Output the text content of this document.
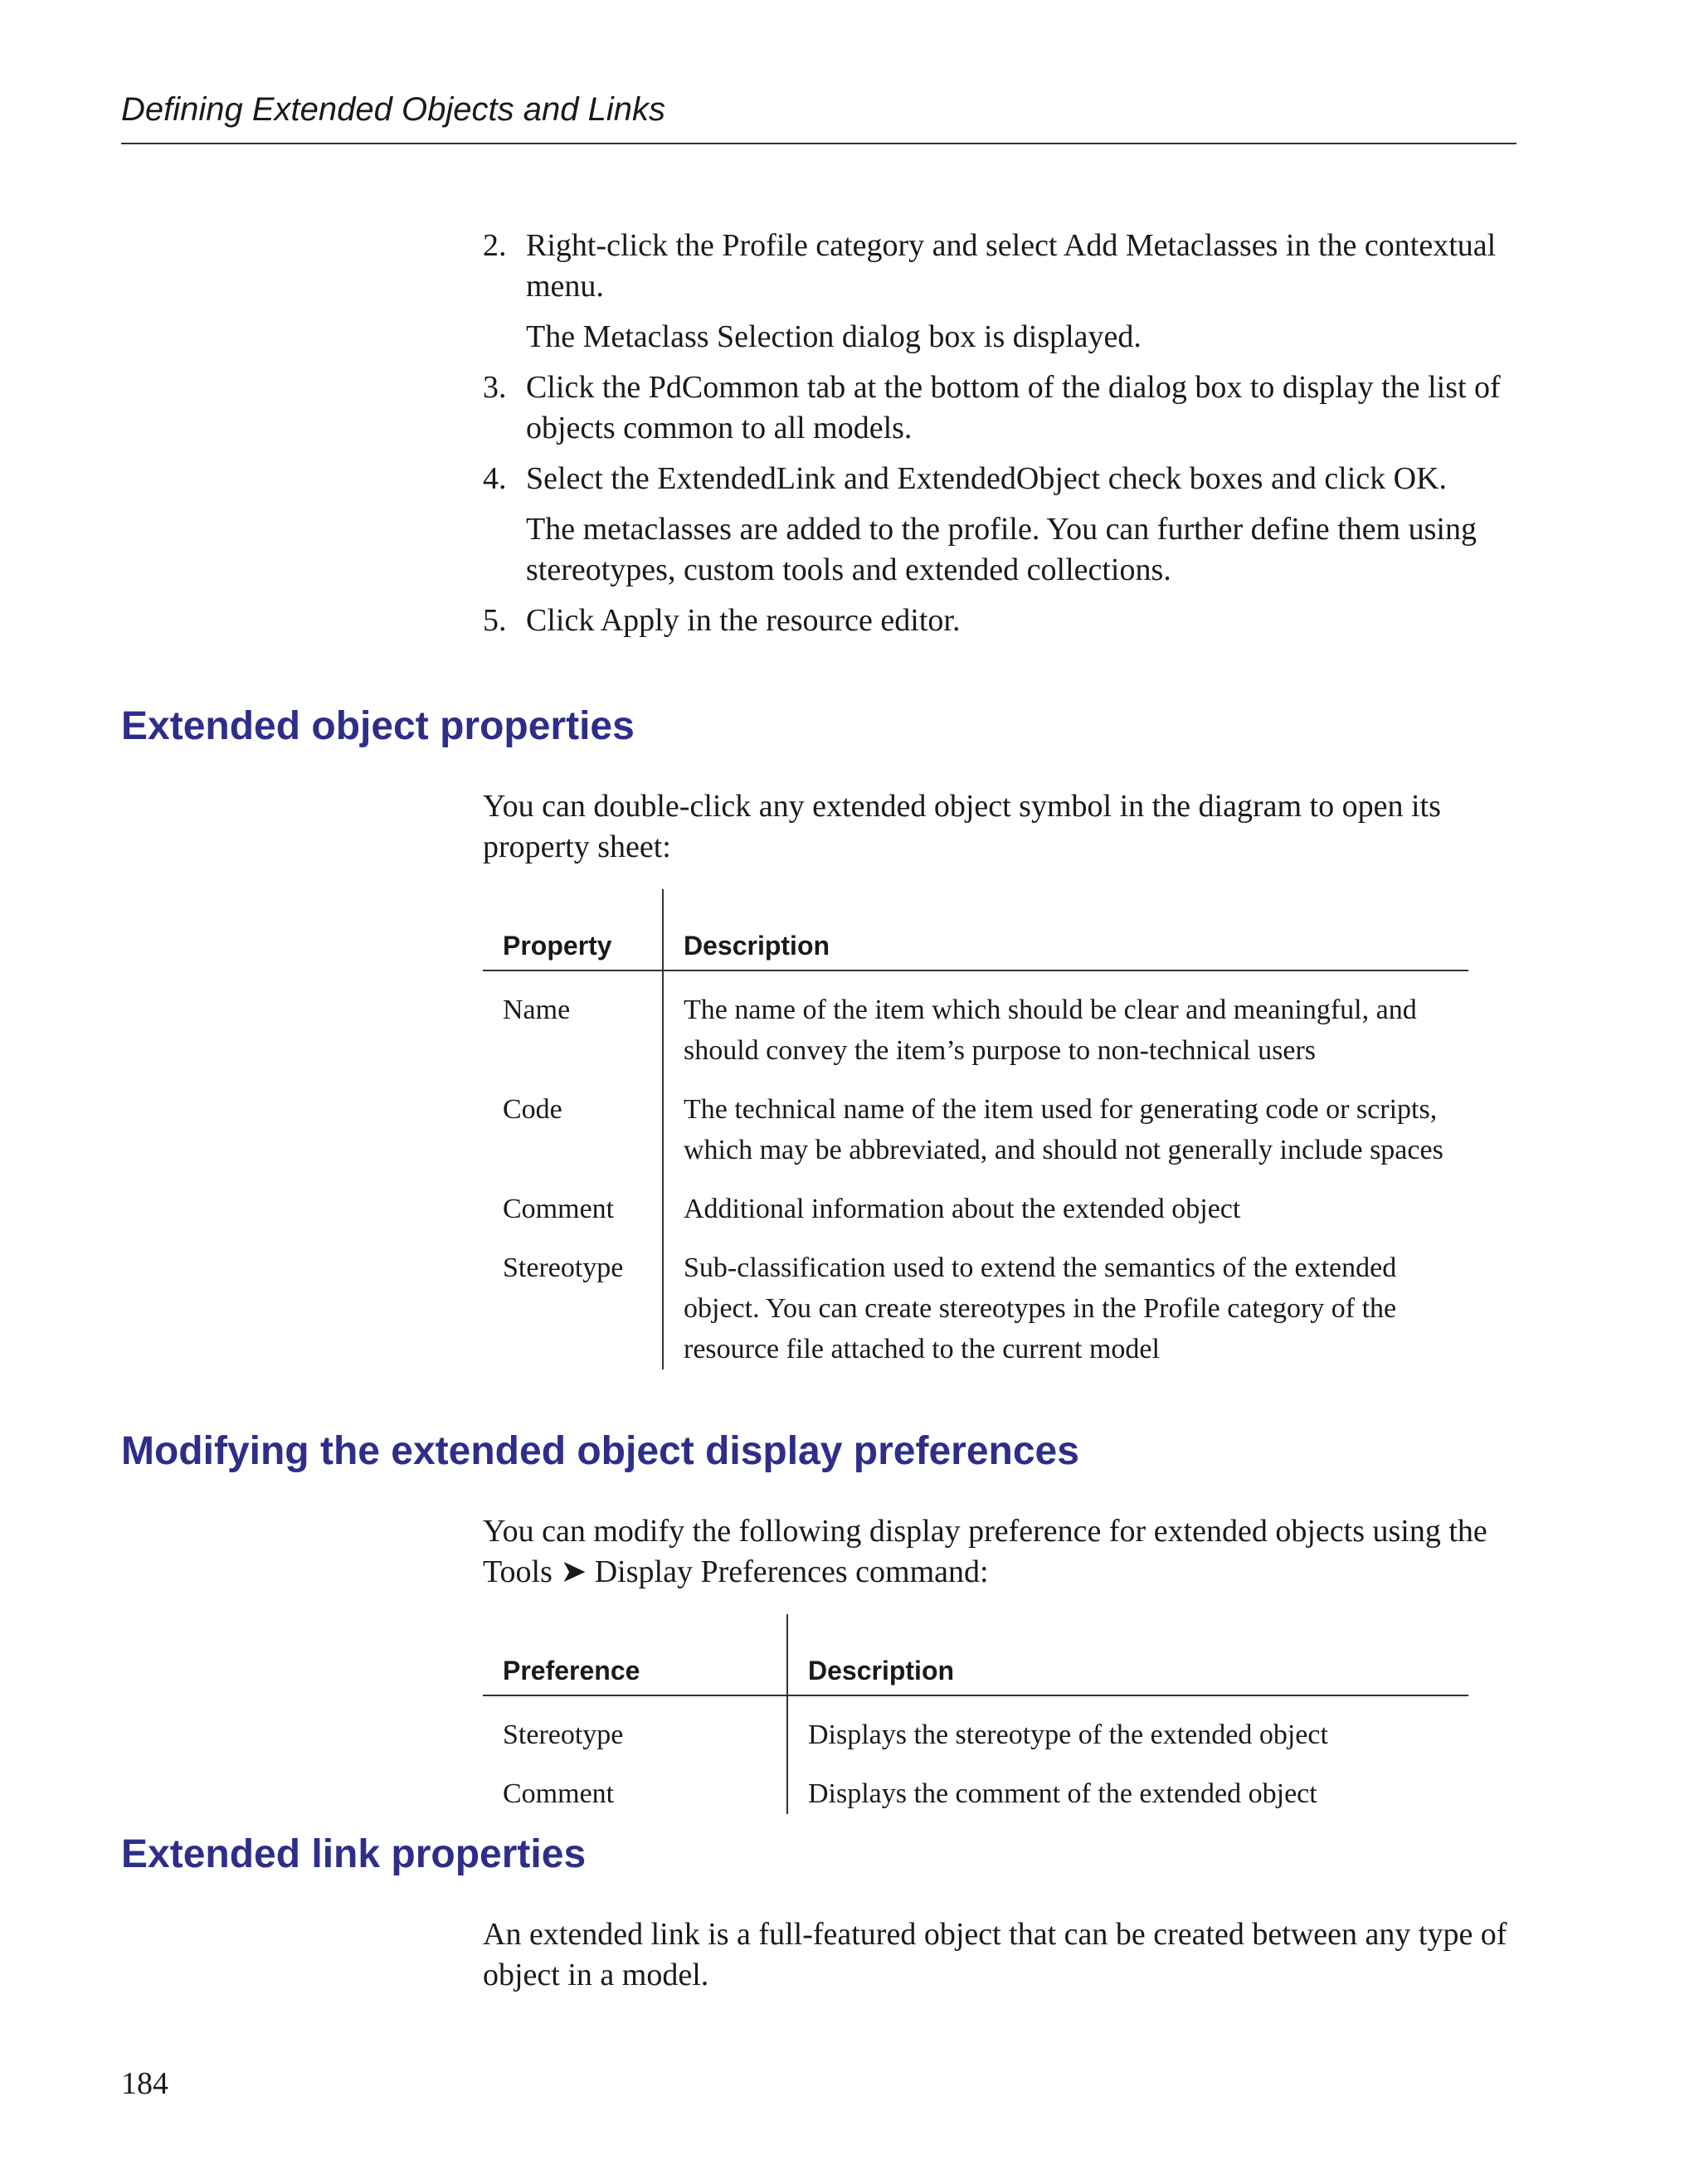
Defining Extended Objects and Links
2. Right-click the Profile category and select Add Metaclasses in the contextual menu.
The Metaclass Selection dialog box is displayed.
3. Click the PdCommon tab at the bottom of the dialog box to display the list of objects common to all models.
4. Select the ExtendedLink and ExtendedObject check boxes and click OK.
The metaclasses are added to the profile. You can further define them using stereotypes, custom tools and extended collections.
5. Click Apply in the resource editor.
Extended object properties
You can double-click any extended object symbol in the diagram to open its property sheet:
Property	Description
Name	The name of the item which should be clear and meaningful, and should convey the item’s purpose to non-technical users
Code	The technical name of the item used for generating code or scripts, which may be abbreviated, and should not generally include spaces
Comment	Additional information about the extended object
Stereotype	Sub-classification used to extend the semantics of the extended object. You can create stereotypes in the Profile category of the resource file attached to the current model
Modifying the extended object display preferences
You can modify the following display preference for extended objects using the Tools ➤ Display Preferences command:
Preference	Description
Stereotype	Displays the stereotype of the extended object
Comment	Displays the comment of the extended object
Extended link properties
An extended link is a full-featured object that can be created between any type of object in a model.
184
